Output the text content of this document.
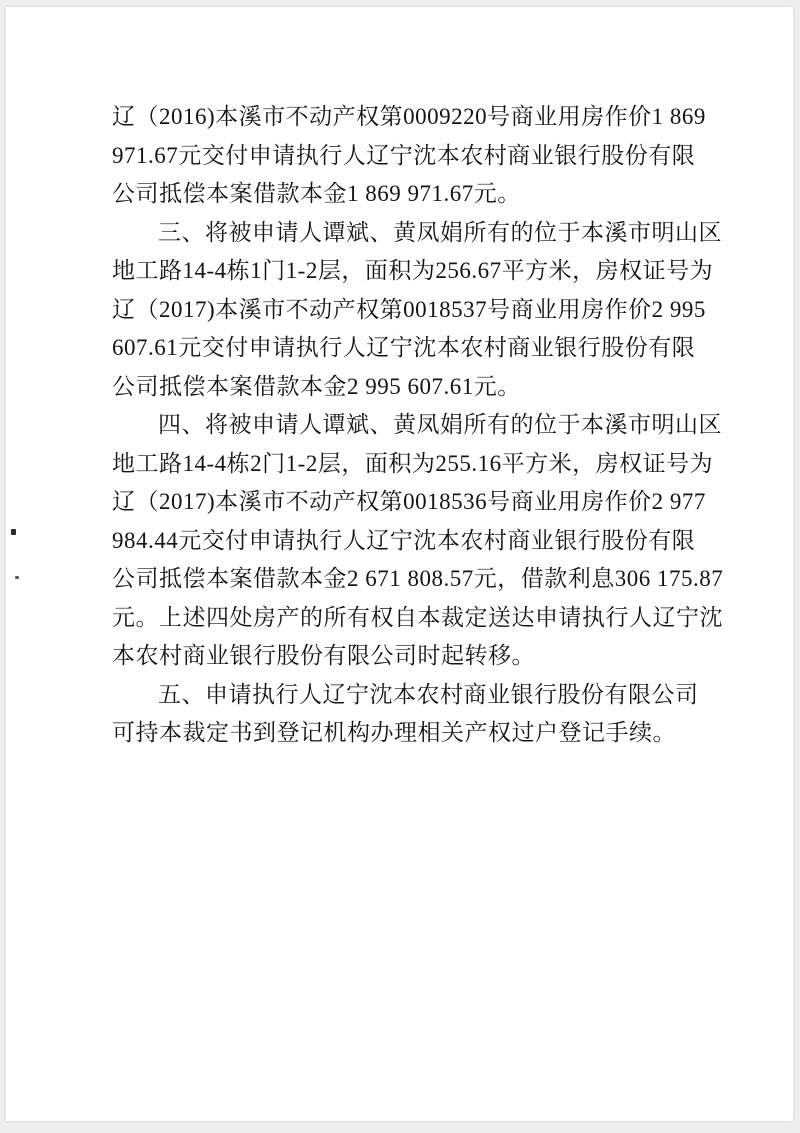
辽（2016)本溪市不动产权第0009220号商业用房作价1 869
971.67元交付申请执行人辽宁沈本农村商业银行股份有限
公司抵偿本案借款本金1 869 971.67元。
三、将被申请人谭斌、黄凤娟所有的位于本溪市明山区
地工路14-4栋1门1-2层，面积为256.67平方米，房权证号为
辽（2017)本溪市不动产权第0018537号商业用房作价2 995
607.61元交付申请执行人辽宁沈本农村商业银行股份有限
公司抵偿本案借款本金2 995 607.61元。
四、将被申请人谭斌、黄凤娟所有的位于本溪市明山区
地工路14-4栋2门1-2层，面积为255.16平方米，房权证号为
辽（2017)本溪市不动产权第0018536号商业用房作价2 977
984.44元交付申请执行人辽宁沈本农村商业银行股份有限
公司抵偿本案借款本金2 671 808.57元，借款利息306 175.87
元。上述四处房产的所有权自本裁定送达申请执行人辽宁沈
本农村商业银行股份有限公司时起转移。
五、申请执行人辽宁沈本农村商业银行股份有限公司
可持本裁定书到登记机构办理相关产权过户登记手续。
